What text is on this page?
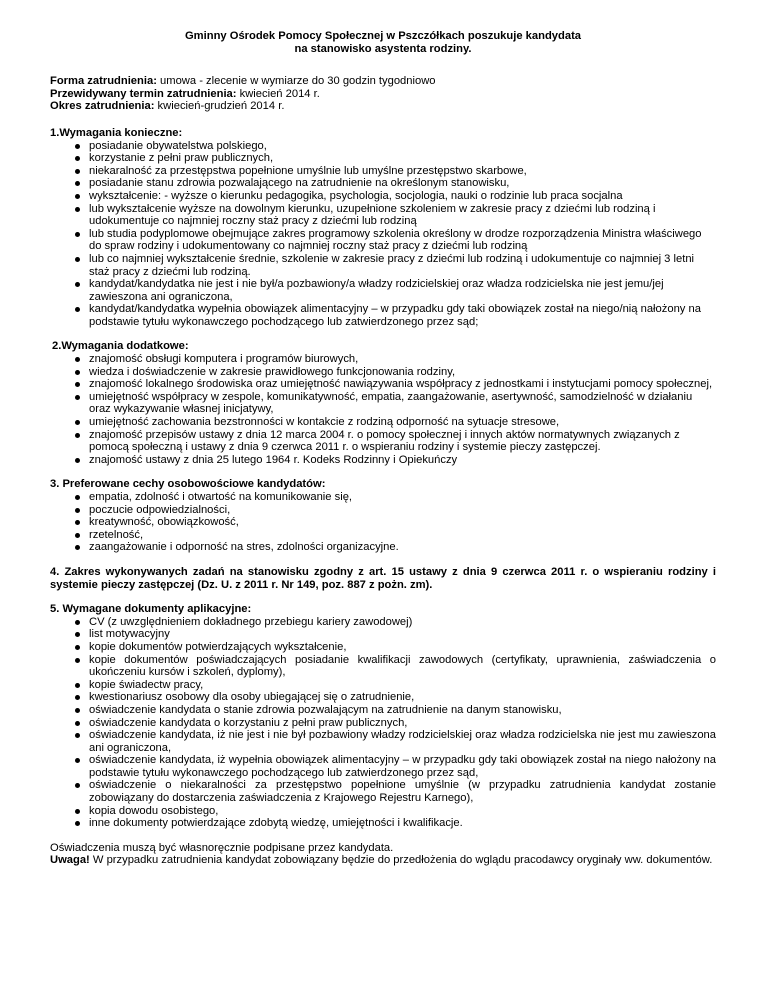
Gminny Ośrodek Pomocy Społecznej w Pszczółkach poszukuje kandydata
na stanowisko asystenta rodziny.

Forma zatrudnienia: umowa - zlecenie w wymiarze do 30 godzin tygodniowo

Przewidywany termin zatrudnienia: kwiecień 2014 r.

Okres zatrudnienia: kwiecień-grudzień 2014 r.

1.Wymagania konieczne:

posiadanie obywatelstwa polskiego,
korzystanie z pełni praw publicznych,
niekaralność za przestępstwa popełnione umyślnie lub umyślne przestępstwo skarbowe,
posiadanie stanu zdrowia pozwalającego na zatrudnienie na określonym stanowisku,
wykształcenie: - wyższe o kierunku pedagogika, psychologia, socjologia, nauki o rodzinie lub praca socjalna
lub wykształcenie wyższe na dowolnym kierunku, uzupełnione szkoleniem w zakresie pracy z dziećmi lub rodziną i udokumentuje co najmniej roczny staż pracy z dziećmi lub rodziną
lub studia podyplomowe obejmujące zakres programowy szkolenia określony w drodze rozporządzenia Ministra właściwego do spraw rodziny i udokumentowany co najmniej roczny staż pracy z dziećmi lub rodziną
lub co najmniej wykształcenie średnie, szkolenie w zakresie pracy z dziećmi lub rodziną i udokumentuje co najmniej 3 letni staż pracy z dziećmi lub rodziną.
kandydat/kandydatka nie jest i nie był/a pozbawiony/a władzy rodzicielskiej oraz władza rodzicielska nie jest jemu/jej zawieszona ani ograniczona,
kandydat/kandydatka wypełnia obowiązek alimentacyjny – w przypadku gdy taki obowiązek został na niego/nią nałożony na podstawie tytułu wykonawczego pochodzącego lub zatwierdzonego przez sąd;

2.Wymagania dodatkowe:

znajomość obsługi komputera i programów biurowych,
wiedza i doświadczenie w zakresie prawidłowego funkcjonowania rodziny,
znajomość lokalnego środowiska oraz umiejętność nawiązywania współpracy z jednostkami i instytucjami pomocy społecznej,
umiejętność współpracy w zespole, komunikatywność, empatia, zaangażowanie, asertywność, samodzielność w działaniu oraz wykazywanie własnej inicjatywy,
umiejętność zachowania bezstronności w kontakcie z rodziną odporność na sytuacje stresowe,
znajomość przepisów ustawy z dnia 12 marca 2004 r. o pomocy społecznej i innych aktów normatywnych związanych z pomocą społeczną i ustawy z dnia 9 czerwca 2011 r. o wspieraniu rodziny i systemie pieczy zastępczej.
znajomość ustawy z dnia 25 lutego 1964 r. Kodeks Rodzinny i Opiekuńczy

3. Preferowane cechy osobowościowe kandydatów:

empatia, zdolność i otwartość na komunikowanie się,
poczucie odpowiedzialności,
kreatywność, obowiązkowość,
rzetelność,
zaangażowanie i odporność na stres, zdolności organizacyjne.

4. Zakres wykonywanych zadań na stanowisku zgodny z art. 15 ustawy z dnia 9 czerwca 2011 r. o wspieraniu rodziny i systemie pieczy zastępczej (Dz. U. z 2011 r. Nr 149, poz. 887 z pożn. zm).

5. Wymagane dokumenty aplikacyjne:

CV (z uwzględnieniem dokładnego przebiegu kariery zawodowej)
list motywacyjny
kopie dokumentów potwierdzających wykształcenie,
kopie dokumentów poświadczających posiadanie kwalifikacji zawodowych (certyfikaty, uprawnienia, zaświadczenia o ukończeniu kursów i szkoleń, dyplomy),
kopie świadectw pracy,
kwestionariusz osobowy dla osoby ubiegającej się o zatrudnienie,
oświadczenie kandydata o stanie zdrowia pozwalającym na zatrudnienie na danym stanowisku,
oświadczenie kandydata o korzystaniu z pełni praw publicznych,
oświadczenie kandydata, iż nie jest i nie był pozbawiony władzy rodzicielskiej oraz władza rodzicielska nie jest mu zawieszona ani ograniczona,
oświadczenie kandydata, iż wypełnia obowiązek alimentacyjny – w przypadku gdy taki obowiązek został na niego nałożony na podstawie tytułu wykonawczego pochodzącego lub zatwierdzonego przez sąd,
oświadczenie o niekaralności za przestępstwo popełnione umyślnie (w przypadku zatrudnienia kandydat zostanie zobowiązany do dostarczenia zaświadczenia z Krajowego Rejestru Karnego),
kopia dowodu osobistego,
inne dokumenty potwierdzające zdobytą wiedzę, umiejętności i kwalifikacje.

Oświadczenia muszą być własnoręcznie podpisane przez kandydata.

Uwaga! W przypadku zatrudnienia kandydat zobowiązany będzie do przedłożenia do wglądu pracodawcy oryginały ww. dokumentów.
